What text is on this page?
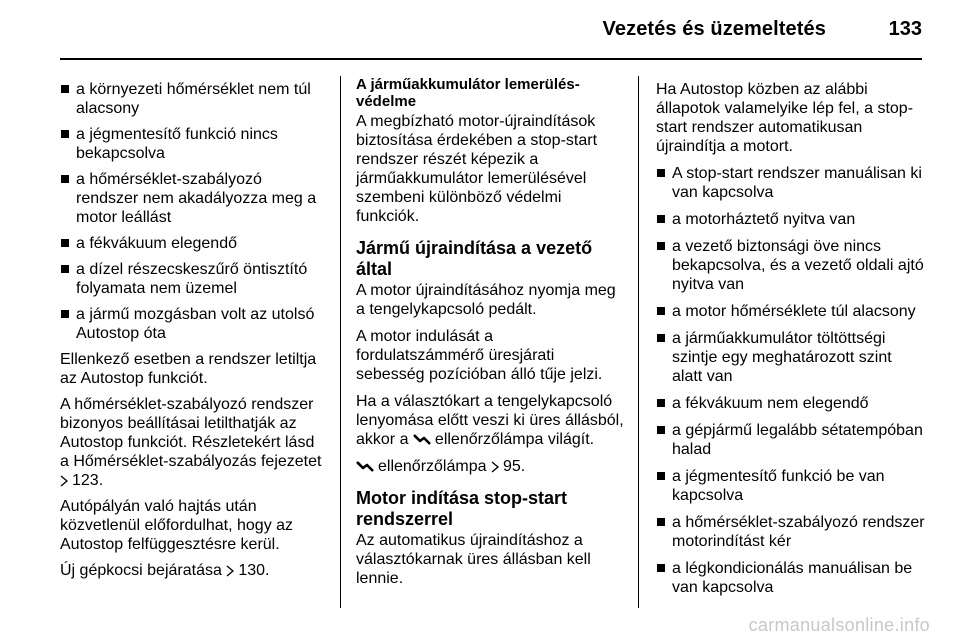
Vezetés és üzemeltetés	133
a környezeti hőmérséklet nem túl alacsony
a jégmentesítő funkció nincs bekapcsolva
a hőmérséklet-szabályozó rendszer nem akadályozza meg a motor leállást
a fékvákuum elegendő
a dízel részecskeszűrő öntisztító folyamata nem üzemel
a jármű mozgásban volt az utolsó Autostop óta

Ellenkező esetben a rendszer letiltja az Autostop funkciót.

A hőmérséklet-szabályozó rendszer bizonyos beállításai letilthatják az Autostop funkciót. Részletekért lásd a Hőmérséklet-szabályozás fejezetet
123.

Autópályán való hajtás után közvetlenül előfordulhat, hogy az Autostop felfüggesztésre kerül.

Új gépkocsi bejáratása 130.

A járműakkumulátor lemerülés-védelme

A megbízható motor-újraindítások biztosítása érdekében a stop-start rendszer részét képezik a járműakkumulátor lemerülésével szembeni különböző védelmi funkciók.

Jármű újraindítása a vezető által

A motor újraindításához nyomja meg a tengelykapcsoló pedált.

A motor indulását a fordulatszámmérő üresjárati sebesség pozícióban álló tűje jelzi.

Ha a választókart a tengelykapcsoló lenyomása előtt veszi ki üres állásból, akkor a ellenőrzőlámpa világít.

ellenőrzőlámpa 95.

Motor indítása stop-start rendszerrel

Az automatikus újraindításhoz a választókarnak üres állásban kell lennie.

Ha Autostop közben az alábbi állapotok valamelyike lép fel, a stop-start rendszer automatikusan újraindítja a motort.

A stop-start rendszer manuálisan ki van kapcsolva
a motorháztető nyitva van
a vezető biztonsági öve nincs bekapcsolva, és a vezető oldali ajtó nyitva van
a motor hőmérséklete túl alacsony
a járműakkumulátor töltöttségi szintje egy meghatározott szint alatt van
a fékvákuum nem elegendő
a gépjármű legalább sétatempóban halad
a jégmentesítő funkció be van kapcsolva
a hőmérséklet-szabályozó rendszer motorindítást kér
a légkondicionálás manuálisan be van kapcsolva
carmanualsonline.info
